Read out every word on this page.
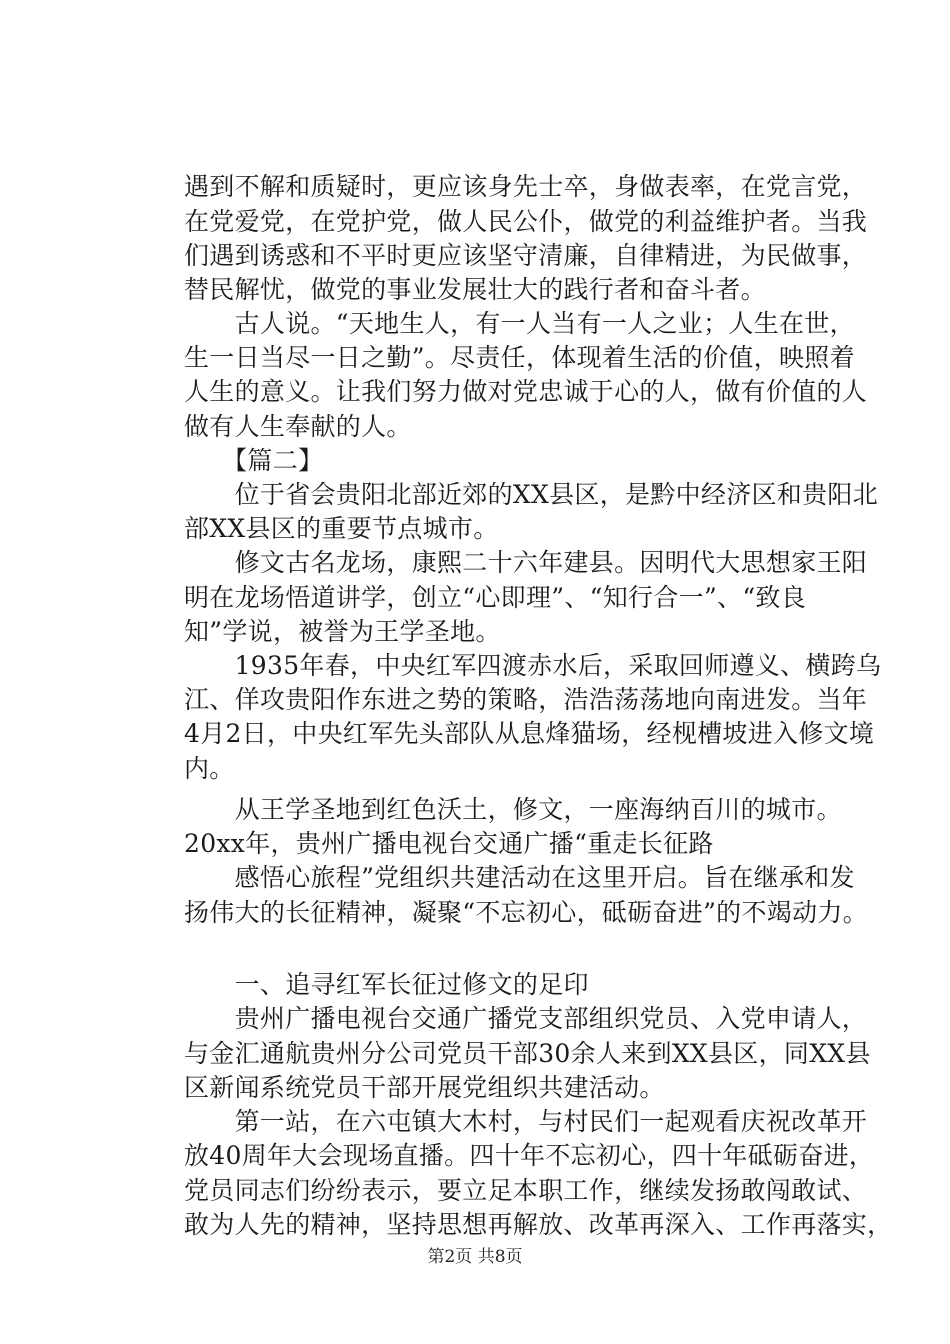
遇到不解和质疑时，更应该身先士卒，身做表率，在党言党，
在党爱党，在党护党，做人民公仆，做党的利益维护者。当我
们遇到诱惑和不平时更应该坚守清廉，自律精进，为民做事，
替民解忧，做党的事业发展壮大的践行者和奋斗者。
　　古人说。“天地生人，有一人当有一人之业；人生在世，
生一日当尽一日之勤”。尽责任，体现着生活的价值，映照着
人生的意义。让我们努力做对党忠诚于心的人，做有价值的人
做有人生奉献的人。
　　【篇二】
　　位于省会贵阳北部近郊的XX县区，是黔中经济区和贵阳北
部XX县区的重要节点城市。
　　修文古名龙场，康熙二十六年建县。因明代大思想家王阳
明在龙场悟道讲学，创立“心即理”、“知行合一”、“致良
知”学说，被誉为王学圣地。
　　1935年春，中央红军四渡赤水后，采取回师遵义、横跨乌
江、佯攻贵阳作东进之势的策略，浩浩荡荡地向南进发。当年
4月2日，中央红军先头部队从息烽猫场，经枧槽坡进入修文境
内。
　　从王学圣地到红色沃土，修文，一座海纳百川的城市。
20xx年，贵州广播电视台交通广播“重走长征路
　　感悟心旅程”党组织共建活动在这里开启。旨在继承和发
扬伟大的长征精神，凝聚“不忘初心，砥砺奋进”的不竭动力。
　　一、追寻红军长征过修文的足印
　　贵州广播电视台交通广播党支部组织党员、入党申请人，
与金汇通航贵州分公司党员干部30余人来到XX县区，同XX县
区新闻系统党员干部开展党组织共建活动。
　　第一站，在六屯镇大木村，与村民们一起观看庆祝改革开
放40周年大会现场直播。四十年不忘初心，四十年砥砺奋进，
党员同志们纷纷表示，要立足本职工作，继续发扬敢闯敢试、
敢为人先的精神，坚持思想再解放、改革再深入、工作再落实，
第2页 共8页
